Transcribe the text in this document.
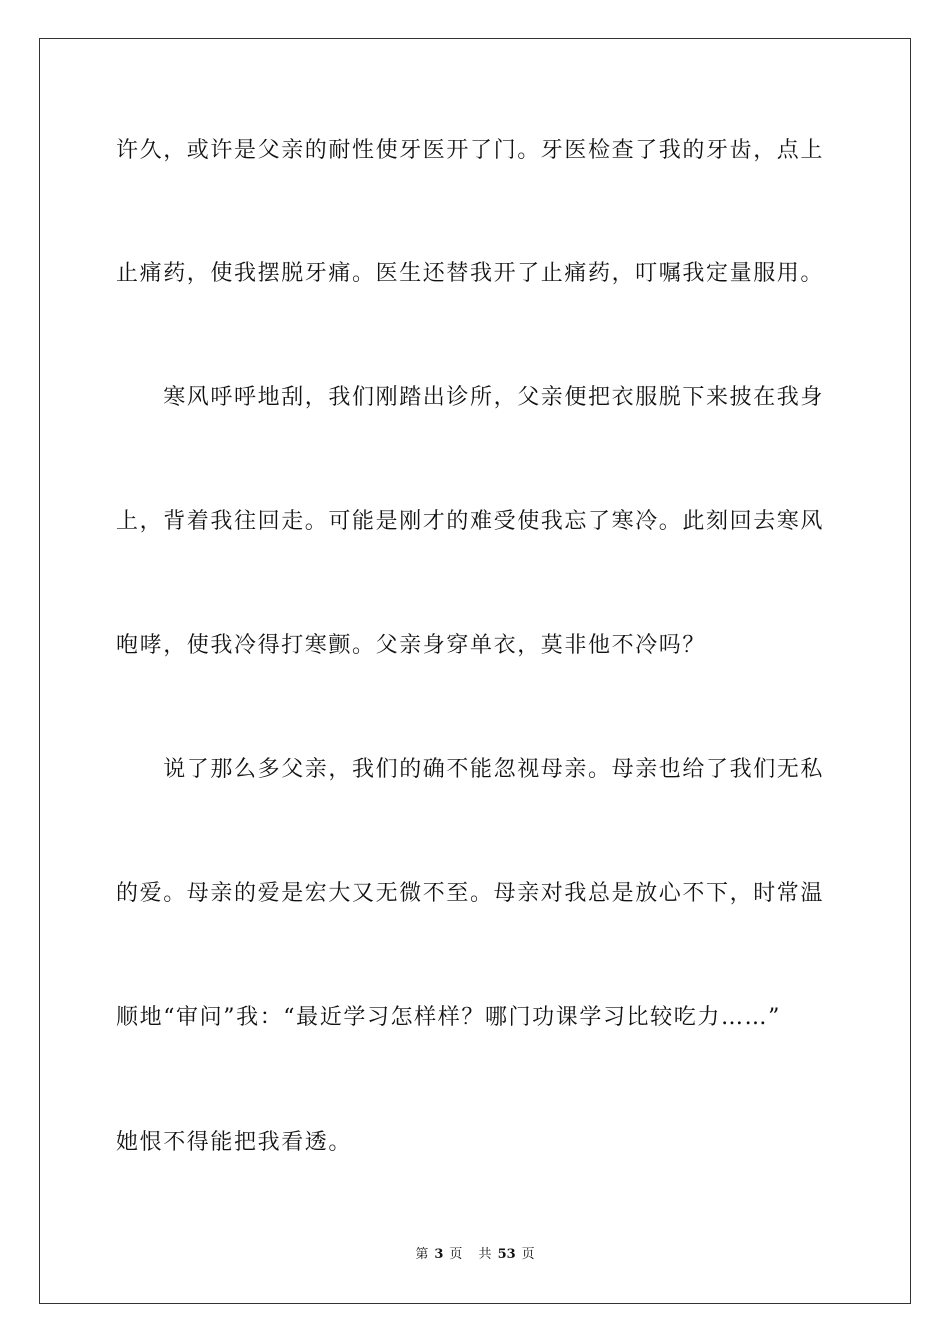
许久，或许是父亲的耐性使牙医开了门。牙医检查了我的牙齿，点上
止痛药，使我摆脱牙痛。医生还替我开了止痛药，叮嘱我定量服用。
　　寒风呼呼地刮，我们刚踏出诊所，父亲便把衣服脱下来披在我身
上，背着我往回走。可能是刚才的难受使我忘了寒冷。此刻回去寒风
咆哮，使我冷得打寒颤。父亲身穿单衣，莫非他不冷吗？
　　说了那么多父亲，我们的确不能忽视母亲。母亲也给了我们无私
的爱。母亲的爱是宏大又无微不至。母亲对我总是放心不下，时常温
顺地“审问”我：“最近学习怎样样？哪门功课学习比较吃力……”
她恨不得能把我看透。
第 3 页 共 53 页
